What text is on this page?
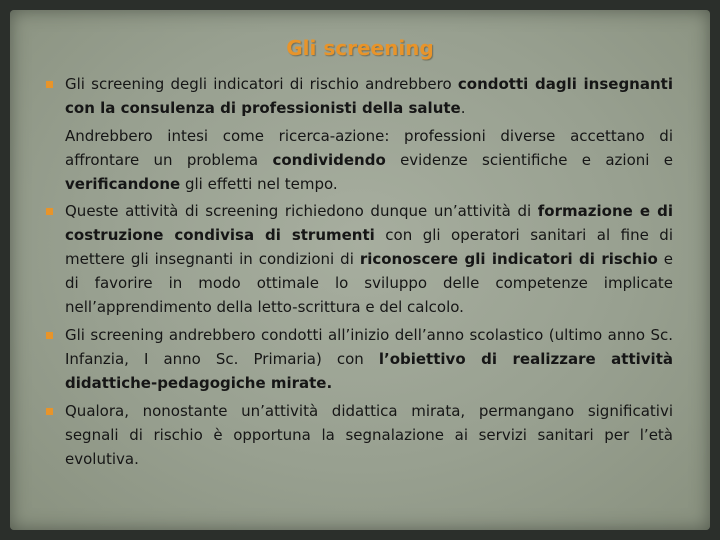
Gli screening
Gli screening degli indicatori di rischio andrebbero condotti dagli insegnanti con la consulenza di professionisti della salute.
Andrebbero intesi come ricerca-azione: professioni diverse accettano di affrontare un problema condividendo evidenze scientifiche e azioni e verificandone gli effetti nel tempo.
Queste attività di screening richiedono dunque un’attività di formazione e di costruzione condivisa di strumenti con gli operatori sanitari al fine di mettere gli insegnanti in condizioni di riconoscere gli indicatori di rischio e di favorire in modo ottimale lo sviluppo delle competenze implicate nell’apprendimento della letto-scrittura e del calcolo.
Gli screening andrebbero condotti all’inizio dell’anno scolastico (ultimo anno Sc. Infanzia, I anno Sc. Primaria) con l’obiettivo di realizzare attività didattiche-pedagogiche mirate.
Qualora, nonostante un’attività didattica mirata, permangano significativi segnali di rischio è opportuna la segnalazione ai servizi sanitari per l’età evolutiva.
